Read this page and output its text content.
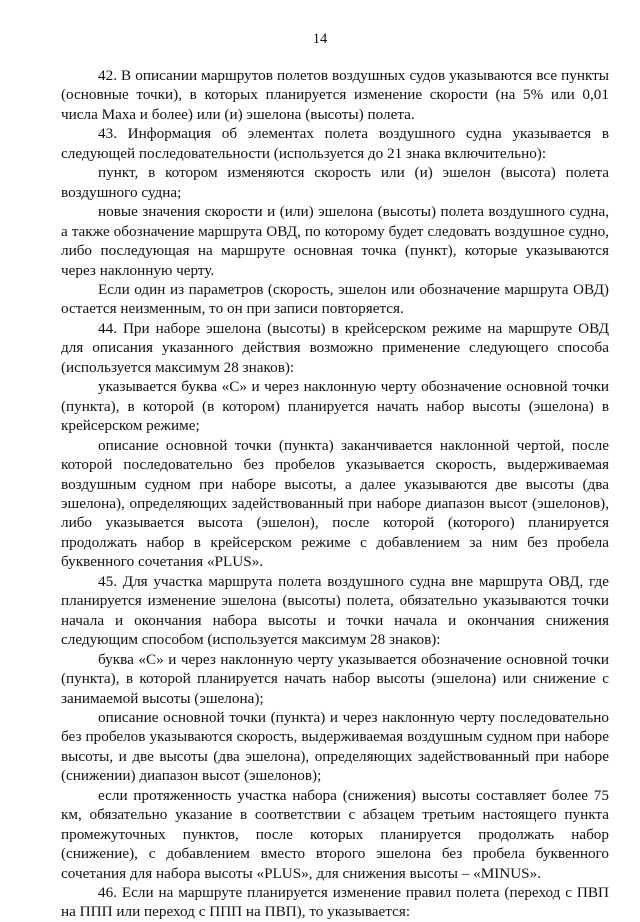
14

42. В описании маршрутов полетов воздушных судов указываются все пункты (основные точки), в которых планируется изменение скорости (на 5% или 0,01 числа Маха и более) или (и) эшелона (высоты) полета.

43. Информация об элементах полета воздушного судна указывается в следующей последовательности (используется до 21 знака включительно):

пункт, в котором изменяются скорость или (и) эшелон (высота) полета воздушного судна;

новые значения скорости и (или) эшелона (высоты) полета воздушного судна, а также обозначение маршрута ОВД, по которому будет следовать воздушное судно, либо последующая на маршруте основная точка (пункт), которые указываются через наклонную черту.

Если один из параметров (скорость, эшелон или обозначение маршрута ОВД) остается неизменным, то он при записи повторяется.

44. При наборе эшелона (высоты) в крейсерском режиме на маршруте ОВД для описания указанного действия возможно применение следующего способа (используется максимум 28 знаков):

указывается буква «С» и через наклонную черту обозначение основной точки (пункта), в которой (в котором) планируется начать набор высоты (эшелона) в крейсерском режиме;

описание основной точки (пункта) заканчивается наклонной чертой, после которой последовательно без пробелов указывается скорость, выдерживаемая воздушным судном при наборе высоты, а далее указываются две высоты (два эшелона), определяющих задействованный при наборе диапазон высот (эшелонов), либо указывается высота (эшелон), после которой (которого) планируется продолжать набор в крейсерском режиме с добавлением за ним без пробела буквенного сочетания «PLUS».

45. Для участка маршрута полета воздушного судна вне маршрута ОВД, где планируется изменение эшелона (высоты) полета, обязательно указываются точки начала и окончания набора высоты и точки начала и окончания снижения следующим способом (используется максимум 28 знаков):

буква «С» и через наклонную черту указывается обозначение основной точки (пункта), в которой планируется начать набор высоты (эшелона) или снижение с занимаемой высоты (эшелона);

описание основной точки (пункта) и через наклонную черту последовательно без пробелов указываются скорость, выдерживаемая воздушным судном при наборе высоты, и две высоты (два эшелона), определяющих задействованный при наборе (снижении) диапазон высот (эшелонов);

если протяженность участка набора (снижения) высоты составляет более 75 км, обязательно указание в соответствии с абзацем третьим настоящего пункта промежуточных пунктов, после которых планируется продолжать набор (снижение), с добавлением вместо второго эшелона без пробела буквенного сочетания для набора высоты «PLUS», для снижения высоты – «MINUS».

46. Если на маршруте планируется изменение правил полета (переход с ПВП на ППП или переход с ППП на ПВП), то указывается:
